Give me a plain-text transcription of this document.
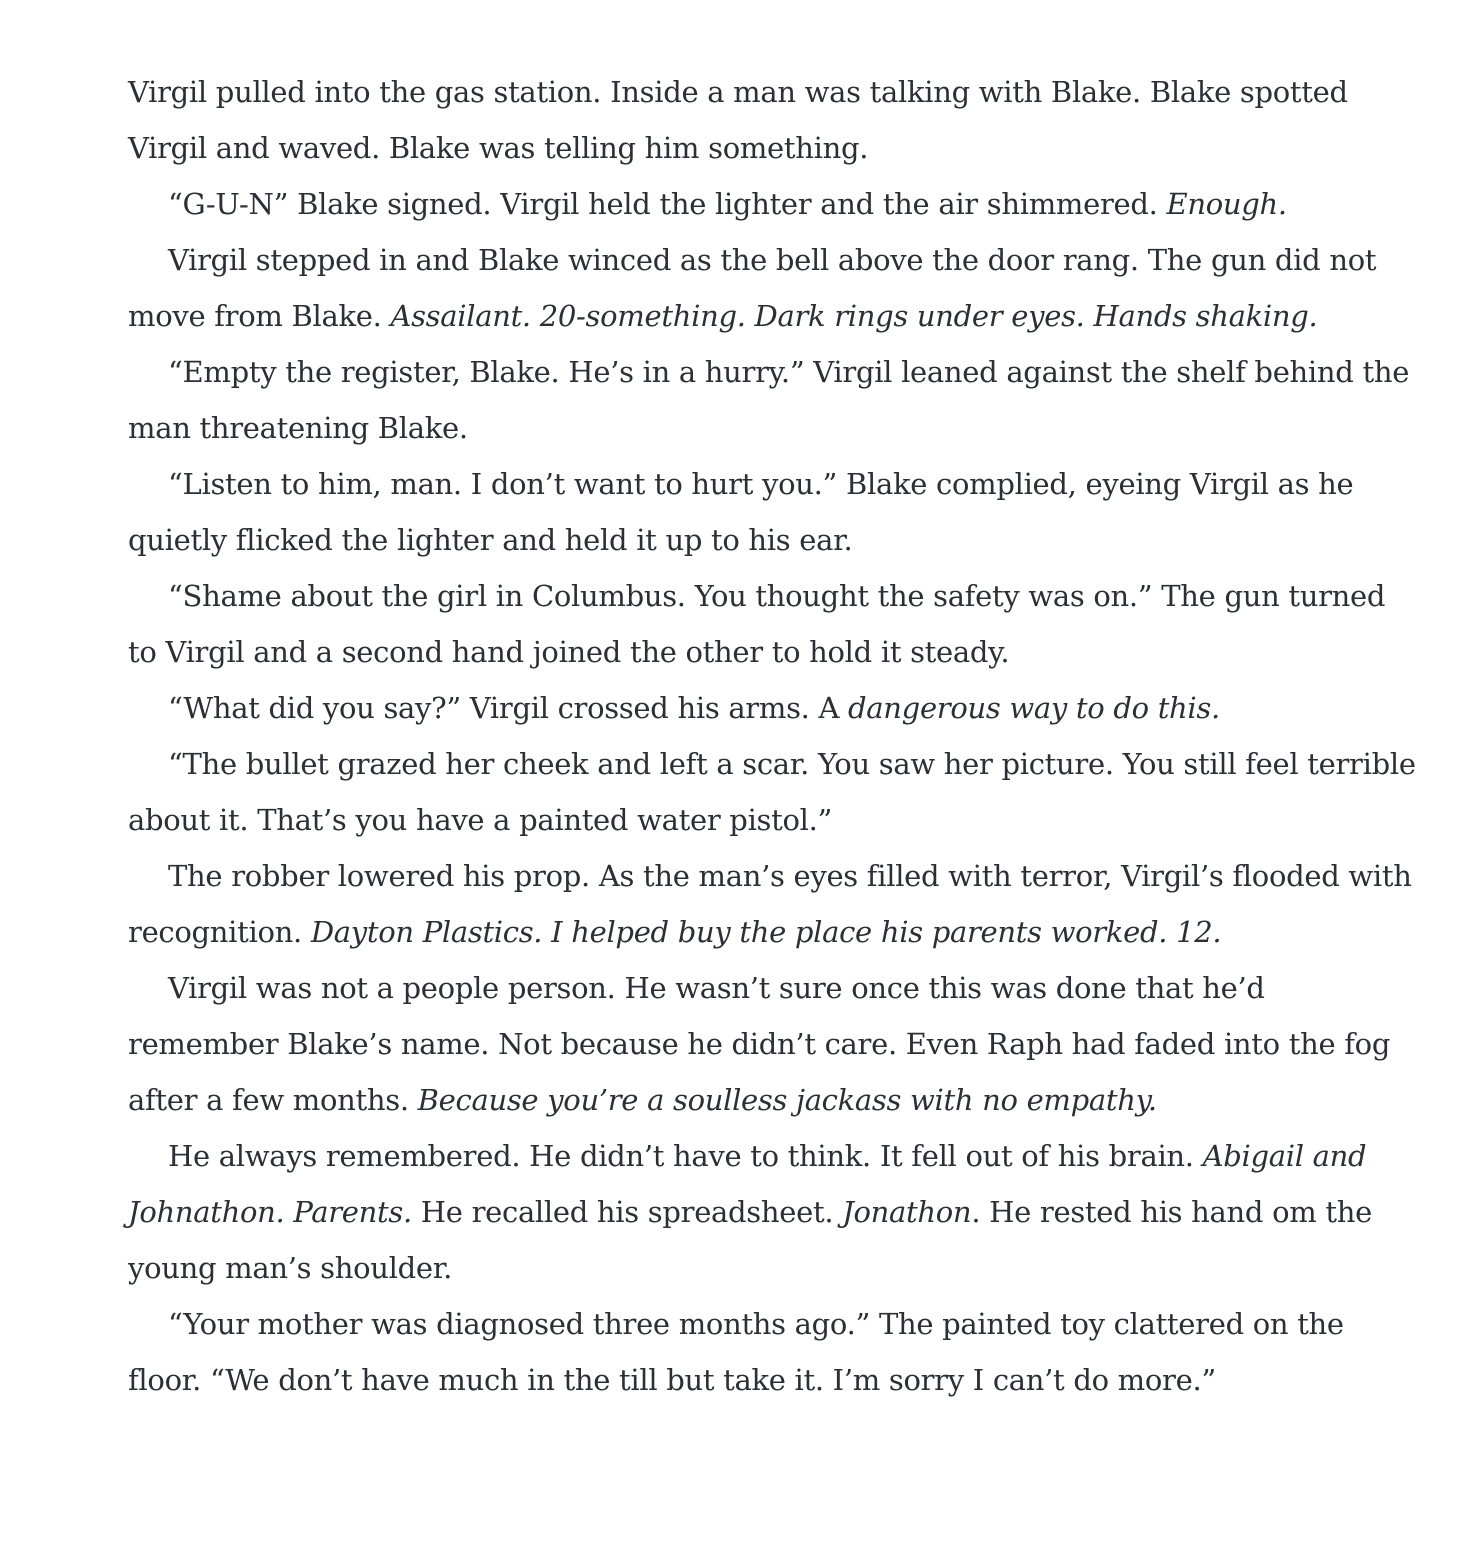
Virgil pulled into the gas station. Inside a man was talking with Blake. Blake spotted Virgil and waved. Blake was telling him something.

“G-U-N” Blake signed. Virgil held the lighter and the air shimmered. Enough.

Virgil stepped in and Blake winced as the bell above the door rang. The gun did not move from Blake. Assailant. 20-something. Dark rings under eyes. Hands shaking.

“Empty the register, Blake. He’s in a hurry.” Virgil leaned against the shelf behind the man threatening Blake.

“Listen to him, man. I don’t want to hurt you.” Blake complied, eyeing Virgil as he quietly flicked the lighter and held it up to his ear.

“Shame about the girl in Columbus. You thought the safety was on.” The gun turned to Virgil and a second hand joined the other to hold it steady.

“What did you say?” Virgil crossed his arms. A dangerous way to do this.

“The bullet grazed her cheek and left a scar. You saw her picture. You still feel terrible about it. That’s you have a painted water pistol.”

The robber lowered his prop. As the man’s eyes filled with terror, Virgil’s flooded with recognition. Dayton Plastics. I helped buy the place his parents worked. 12.

Virgil was not a people person. He wasn’t sure once this was done that he’d remember Blake’s name. Not because he didn’t care. Even Raph had faded into the fog after a few months. Because you’re a soulless jackass with no empathy.

He always remembered. He didn’t have to think. It fell out of his brain. Abigail and Johnathon. Parents. He recalled his spreadsheet. Jonathon. He rested his hand om the young man’s shoulder.

“Your mother was diagnosed three months ago.” The painted toy clattered on the floor. “We don’t have much in the till but take it. I’m sorry I can’t do more.”
